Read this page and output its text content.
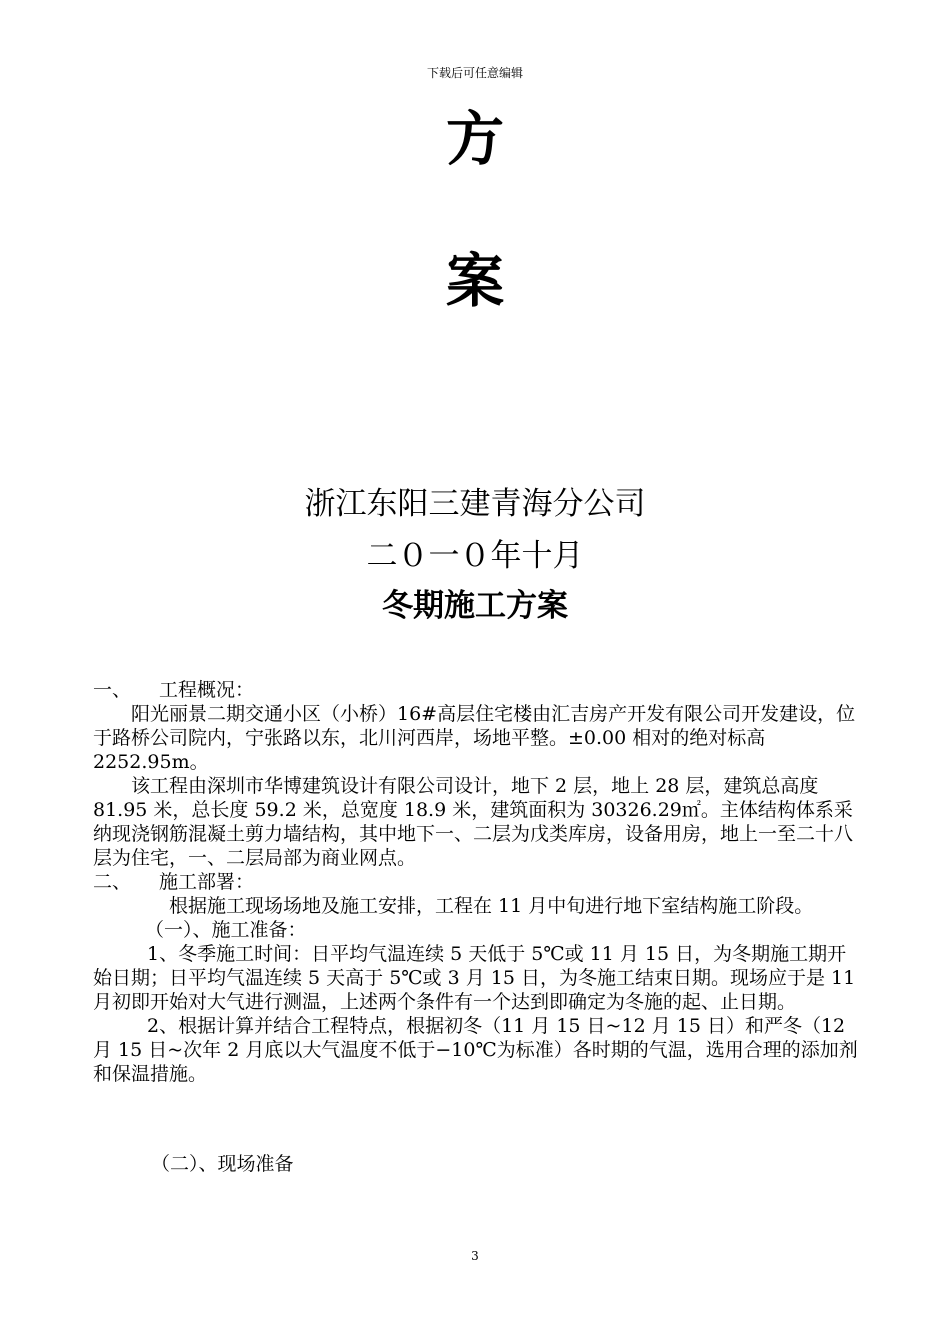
下载后可任意编辑
方
案
浙江东阳三建青海分公司
二０一０年十月
冬期施工方案

一、 工程概况：

阳光丽景二期交通小区（小桥）16#高层住宅楼由汇吉房产开发有限公司开发建设，位于路桥公司院内，宁张路以东，北川河西岸，场地平整。±0.00 相对的绝对标高 2252.95m。

该工程由深圳市华博建筑设计有限公司设计，地下 2 层，地上 28 层，建筑总高度 81.95 米，总长度 59.2 米，总宽度 18.9 米，建筑面积为 30326.29㎡。主体结构体系采纳现浇钢筋混凝土剪力墙结构，其中地下一、二层为戊类库房，设备用房，地上一至二十八层为住宅，一、二层局部为商业网点。

二、 施工部署：

根据施工现场场地及施工安排，工程在 11 月中旬进行地下室结构施工阶段。

（一）、施工准备：

1、冬季施工时间：日平均气温连续 5 天低于 5℃或 11 月 15 日，为冬期施工期开始日期；日平均气温连续 5 天高于 5℃或 3 月 15 日，为冬施工结束日期。现场应于是 11 月初即开始对大气进行测温，上述两个条件有一个达到即确定为冬施的起、止日期。

2、根据计算并结合工程特点，根据初冬（11 月 15 日~12 月 15 日）和严冬（12 月 15 日~次年 2 月底以大气温度不低于−10℃为标准）各时期的气温，选用合理的添加剂和保温措施。

（二）、现场准备

3
